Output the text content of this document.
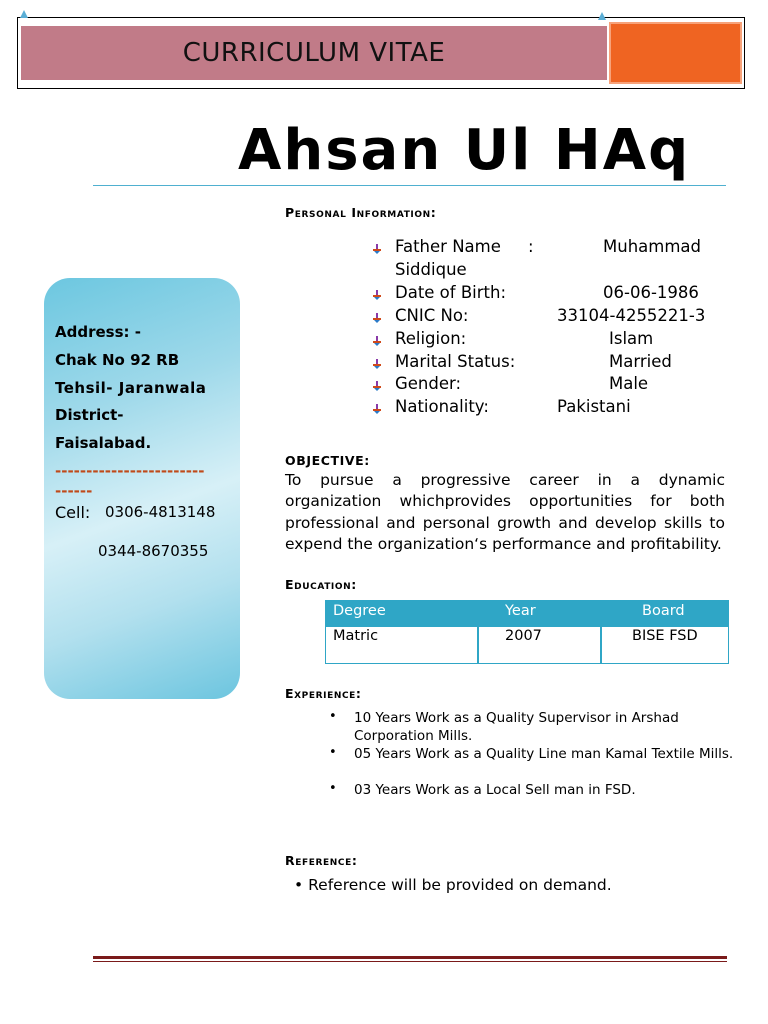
CURRICULUM VITAE
Ahsan Ul HAq
Address: -
Chak No 92 RB
Tehsil- Jaranwala
District-
Faisalabad.
------------------------
------
Cell: 0306-4813148
0344-8670355
Personal Information:
Father Name :	Muhammad
Siddique
Date of Birth:	06-06-1986
CNIC No:	33104-4255221-3
Religion:	Islam
Marital Status:	Married
Gender:	Male
Nationality:	Pakistani
OBJECTIVE:
To pursue a progressive career in a dynamic organization whichprovides opportunities for both professional and personal growth and develop skills to expend the organization‘s performance and profitability.
Education:
Degree	Year	Board
Matric	2007	BISE FSD
Experience:
• 10 Years Work as a Quality Supervisor in Arshad Corporation Mills.
• 05 Years Work as a Quality Line man Kamal Textile Mills.
• 03 Years Work as a Local Sell man in FSD.
Reference:
• Reference will be provided on demand.
